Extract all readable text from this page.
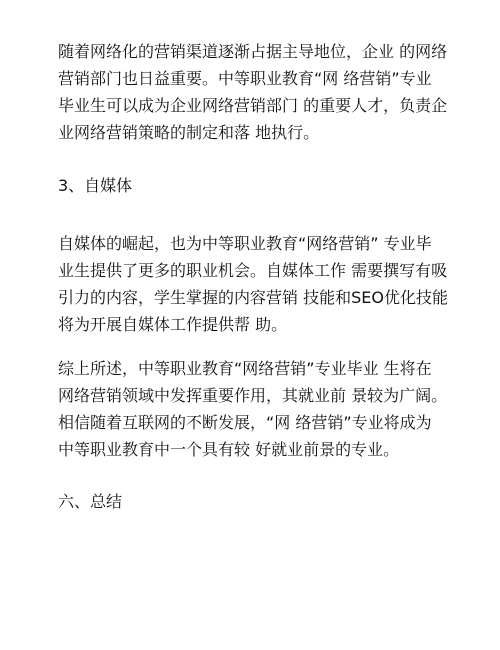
随着网络化的营销渠道逐渐占据主导地位，企业 的网络
营销部门也日益重要。中等职业教育“网 络营销”专业
毕业生可以成为企业网络营销部门 的重要人才，负责企
业网络营销策略的制定和落 地执行。
3、自媒体
自媒体的崛起，也为中等职业教育“网络营销” 专业毕
业生提供了更多的职业机会。自媒体工作 需要撰写有吸
引力的内容，学生掌握的内容营销 技能和SEO优化技能
将为开展自媒体工作提供帮 助。
综上所述，中等职业教育“网络营销”专业毕业 生将在
网络营销领域中发挥重要作用，其就业前 景较为广阔。
相信随着互联网的不断发展，“网 络营销”专业将成为
中等职业教育中一个具有较 好就业前景的专业。
六、总结
